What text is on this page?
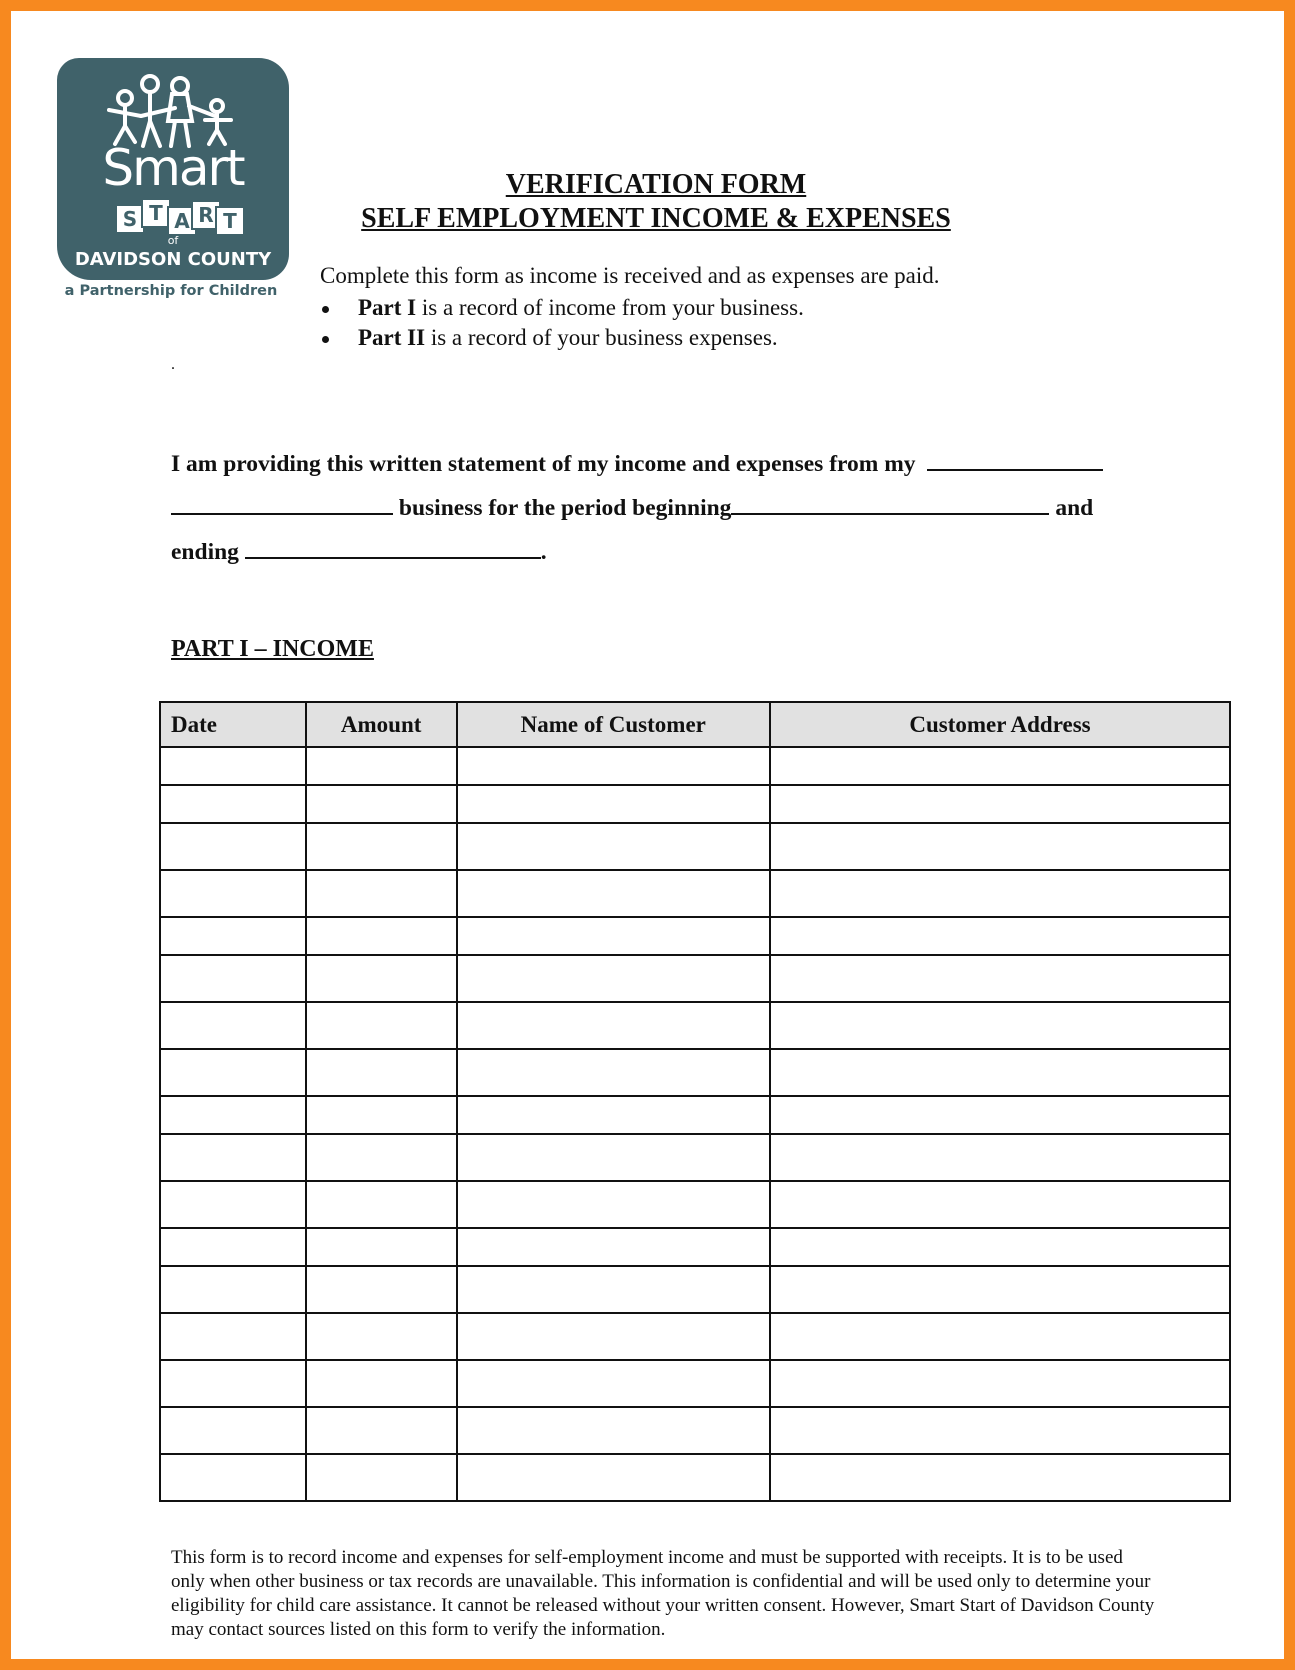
Smart
S T A R T
of
DAVIDSON COUNTY
a Partnership for Children
VERIFICATION FORM
SELF EMPLOYMENT INCOME & EXPENSES
Complete this form as income is received and as expenses are paid.
Part I is a record of income from your business.
Part II is a record of your business expenses.
.
I am providing this written statement of my income and expenses from my
business for the period beginning	and
ending	.
PART I – INCOME
Date	Amount	Name of Customer	Customer Address

This form is to record income and expenses for self-employment income and must be supported with receipts. It is to be used only when other business or tax records are unavailable. This information is confidential and will be used only to determine your eligibility for child care assistance. It cannot be released without your written consent. However, Smart Start of Davidson County may contact sources listed on this form to verify the information.
